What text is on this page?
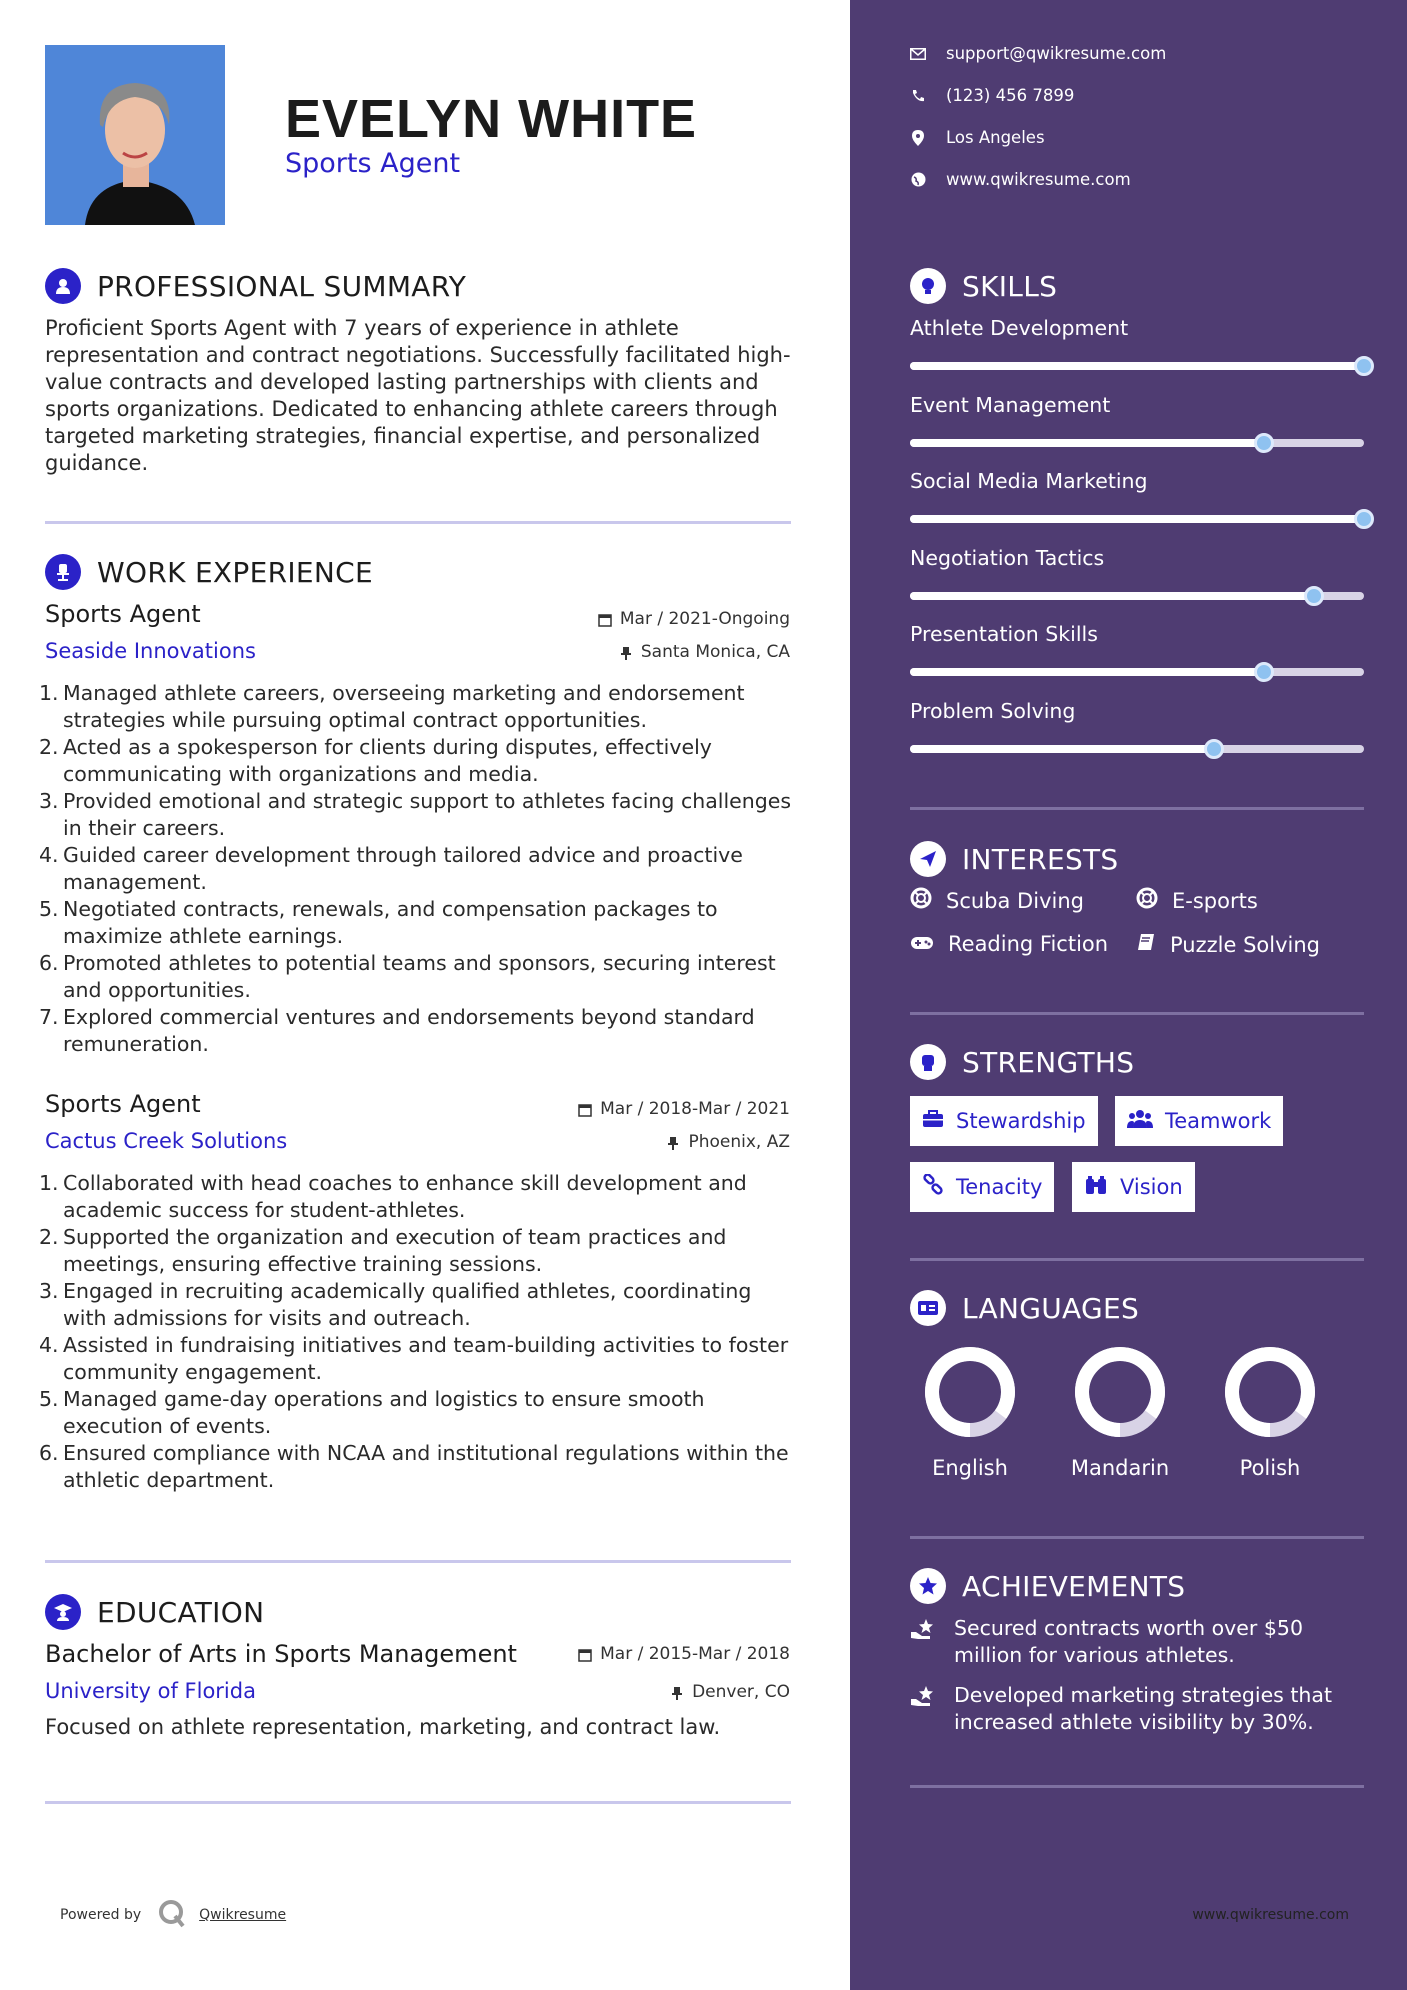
EVELYN WHITE
Sports Agent
PROFESSIONAL SUMMARY

Proficient Sports Agent with 7 years of experience in athlete representation and contract negotiations. Successfully facilitated high-value contracts and developed lasting partnerships with clients and sports organizations. Dedicated to enhancing athlete careers through targeted marketing strategies, financial expertise, and personalized guidance.

WORK EXPERIENCE
Sports Agent	Mar / 2021-Ongoing
Seaside Innovations	Santa Monica, CA
Managed athlete careers, overseeing marketing and endorsement strategies while pursuing optimal contract opportunities.
Acted as a spokesperson for clients during disputes, effectively communicating with organizations and media.
Provided emotional and strategic support to athletes facing challenges in their careers.
Guided career development through tailored advice and proactive management.
Negotiated contracts, renewals, and compensation packages to maximize athlete earnings.
Promoted athletes to potential teams and sponsors, securing interest and opportunities.
Explored commercial ventures and endorsements beyond standard remuneration.
Sports Agent	Mar / 2018-Mar / 2021
Cactus Creek Solutions	Phoenix, AZ
Collaborated with head coaches to enhance skill development and academic success for student-athletes.
Supported the organization and execution of team practices and meetings, ensuring effective training sessions.
Engaged in recruiting academically qualified athletes, coordinating with admissions for visits and outreach.
Assisted in fundraising initiatives and team-building activities to foster community engagement.
Managed game-day operations and logistics to ensure smooth execution of events.
Ensured compliance with NCAA and institutional regulations within the athletic department.
EDUCATION
Bachelor of Arts in Sports Management	Mar / 2015-Mar / 2018
University of Florida	Denver, CO

Focused on athlete representation, marketing, and contract law.

Powered by	Qwikresume
support@qwikresume.com
(123) 456 7899
Los Angeles
www.qwikresume.com
SKILLS
Athlete Development
Event Management
Social Media Marketing
Negotiation Tactics
Presentation Skills
Problem Solving
INTERESTS
Scuba Diving	E-sports
Reading Fiction	Puzzle Solving
STRENGTHS
Stewardship	Teamwork
Tenacity	Vision
LANGUAGES
English	Mandarin	Polish
ACHIEVEMENTS
Secured contracts worth over $50 million for various athletes.
Developed marketing strategies that increased athlete visibility by 30%.
www.qwikresume.com
